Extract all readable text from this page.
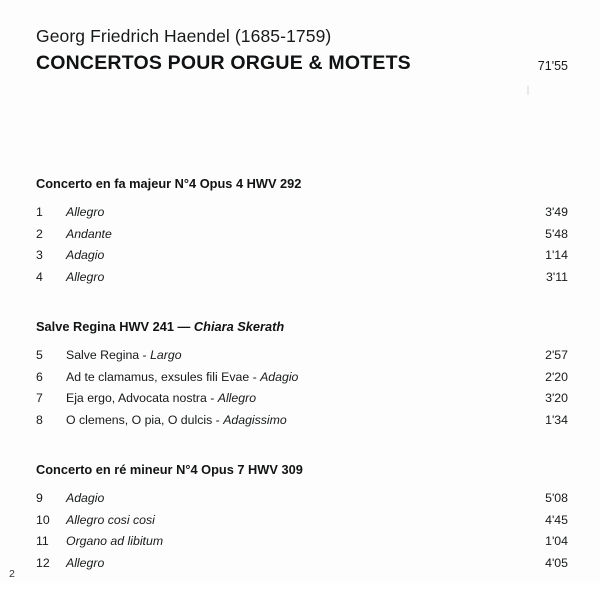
Georg Friedrich Haendel (1685-1759)
CONCERTOS POUR ORGUE & MOTETS	71'55
Concerto en fa majeur N°4 Opus 4 HWV 292
1	Allegro	3'49
2	Andante	5'48
3	Adagio	1'14
4	Allegro	3'11
Salve Regina HWV 241 — Chiara Skerath
5	Salve Regina - Largo	2'57
6	Ad te clamamus, exsules fili Evae - Adagio	2'20
7	Eja ergo, Advocata nostra - Allegro	3'20
8	O clemens, O pia, O dulcis - Adagissimo	1'34
Concerto en ré mineur N°4 Opus 7 HWV 309
9	Adagio	5'08
10	Allegro cosi cosi	4'45
11	Organo ad libitum	1'04
12	Allegro	4'05
2
